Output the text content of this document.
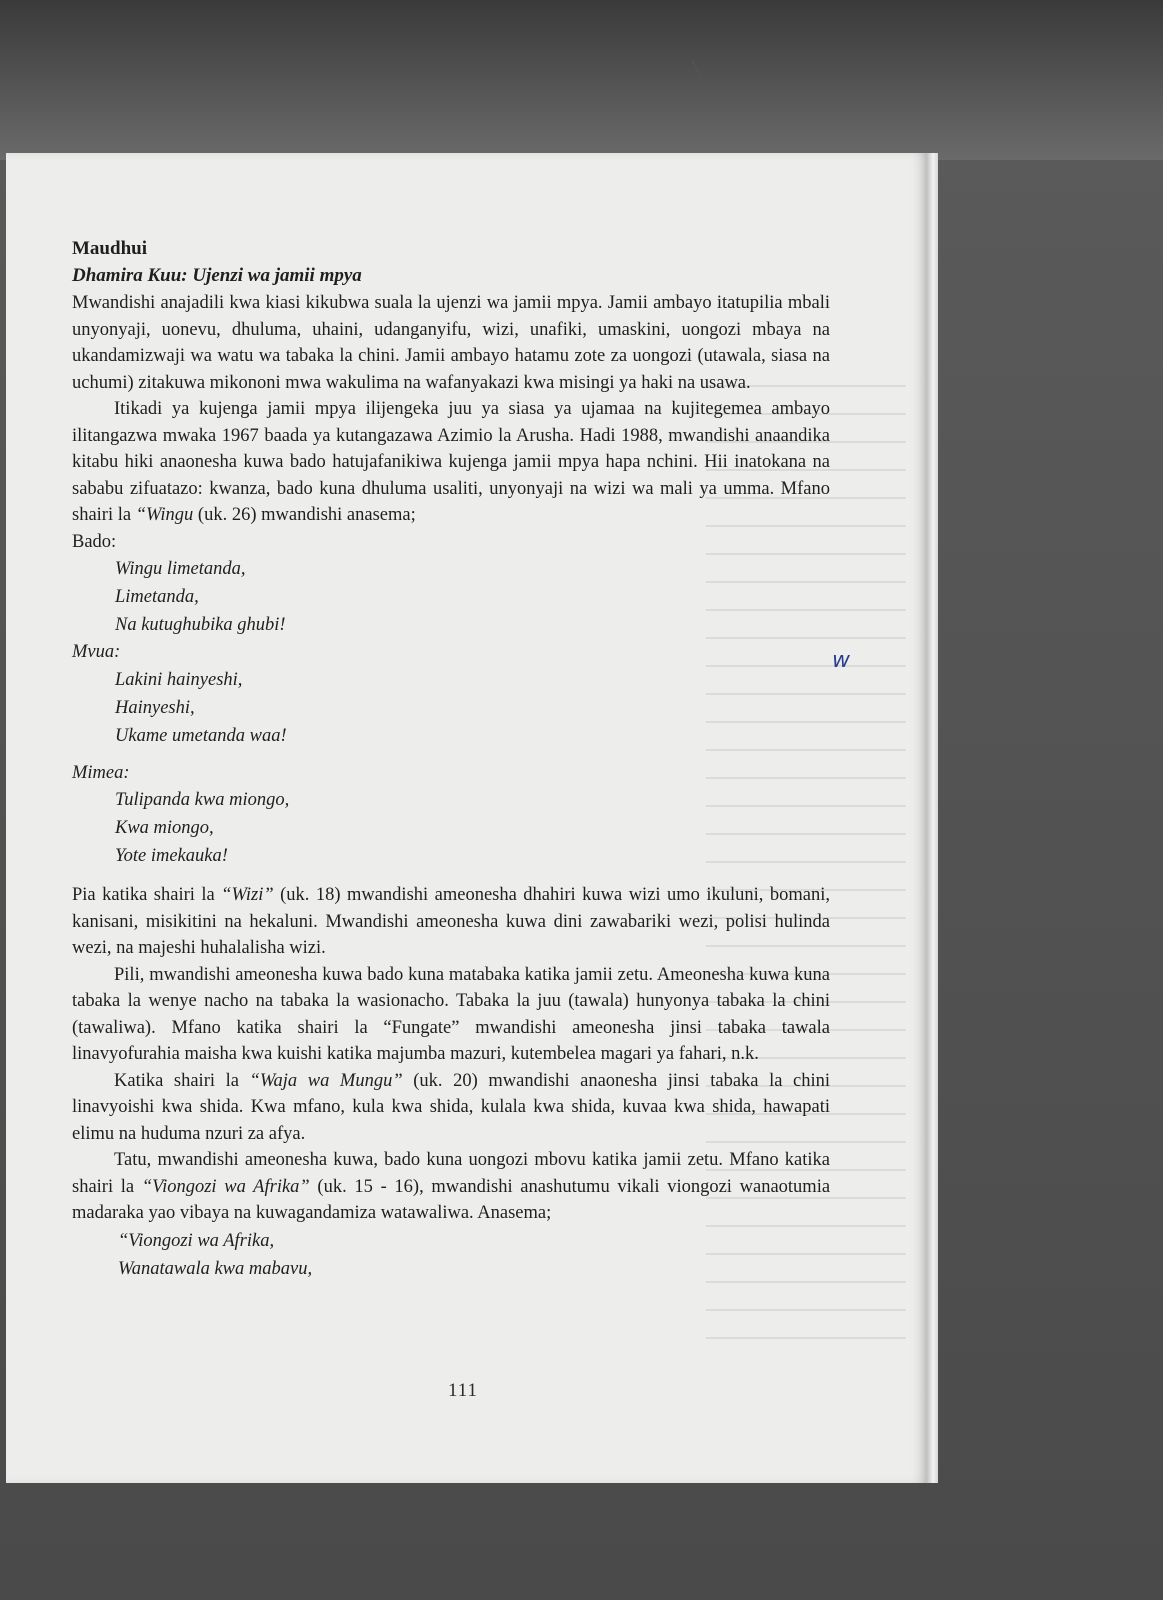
╲
Maudhui
Dhamira Kuu: Ujenzi wa jamii mpya

Mwandishi anajadili kwa kiasi kikubwa suala la ujenzi wa jamii mpya. Jamii ambayo itatupilia mbali unyonyaji, uonevu, dhuluma, uhaini, udanganyifu, wizi, unafiki, umaskini, uongozi mbaya na ukandamizwaji wa watu wa tabaka la chini. Jamii ambayo hatamu zote za uongozi (utawala, siasa na uchumi) zitakuwa mikononi mwa wakulima na wafanyakazi kwa misingi ya haki na usawa.

Itikadi ya kujenga jamii mpya ilijengeka juu ya siasa ya ujamaa na kujitegemea ambayo ilitangazwa mwaka 1967 baada ya kutangazawa Azimio la Arusha. Hadi 1988, mwandishi anaandika kitabu hiki anaonesha kuwa bado hatujafanikiwa kujenga jamii mpya hapa nchini. Hii inatokana na sababu zifuatazo: kwanza, bado kuna dhuluma usaliti, unyonyaji na wizi wa mali ya umma. Mfano shairi la “Wingu (uk. 26) mwandishi anasema;

Bado:
Wingu limetanda,
Limetanda,
Na kutughubika ghubi!
Mvua:
Lakini hainyeshi,
Hainyeshi,
Ukame umetanda waa!
Mimea:
Tulipanda kwa miongo,
Kwa miongo,
Yote imekauka!

Pia katika shairi la “Wizi” (uk. 18) mwandishi ameonesha dhahiri kuwa wizi umo ikuluni, bomani, kanisani, misikitini na hekaluni. Mwandishi ameonesha kuwa dini zawabariki wezi, polisi hulinda wezi, na majeshi huhalalisha wizi.

Pili, mwandishi ameonesha kuwa bado kuna matabaka katika jamii zetu. Ameonesha kuwa kuna tabaka la wenye nacho na tabaka la wasionacho. Tabaka la juu (tawala) hunyonya tabaka la chini (tawaliwa). Mfano katika shairi la “Fungate” mwandishi ameonesha jinsi tabaka tawala linavyofurahia maisha kwa kuishi katika majumba mazuri, kutembelea magari ya fahari, n.k.

Katika shairi la “Waja wa Mungu” (uk. 20) mwandishi anaonesha jinsi tabaka la chini linavyoishi kwa shida. Kwa mfano, kula kwa shida, kulala kwa shida, kuvaa kwa shida, hawapati elimu na huduma nzuri za afya.

Tatu, mwandishi ameonesha kuwa, bado kuna uongozi mbovu katika jamii zetu. Mfano katika shairi la “Viongozi wa Afrika” (uk. 15 - 16), mwandishi anashutumu vikali viongozi wanaotumia madaraka yao vibaya na kuwagandamiza watawaliwa. Anasema;

“Viongozi wa Afrika,
Wanatawala kwa mabavu,
111
w
